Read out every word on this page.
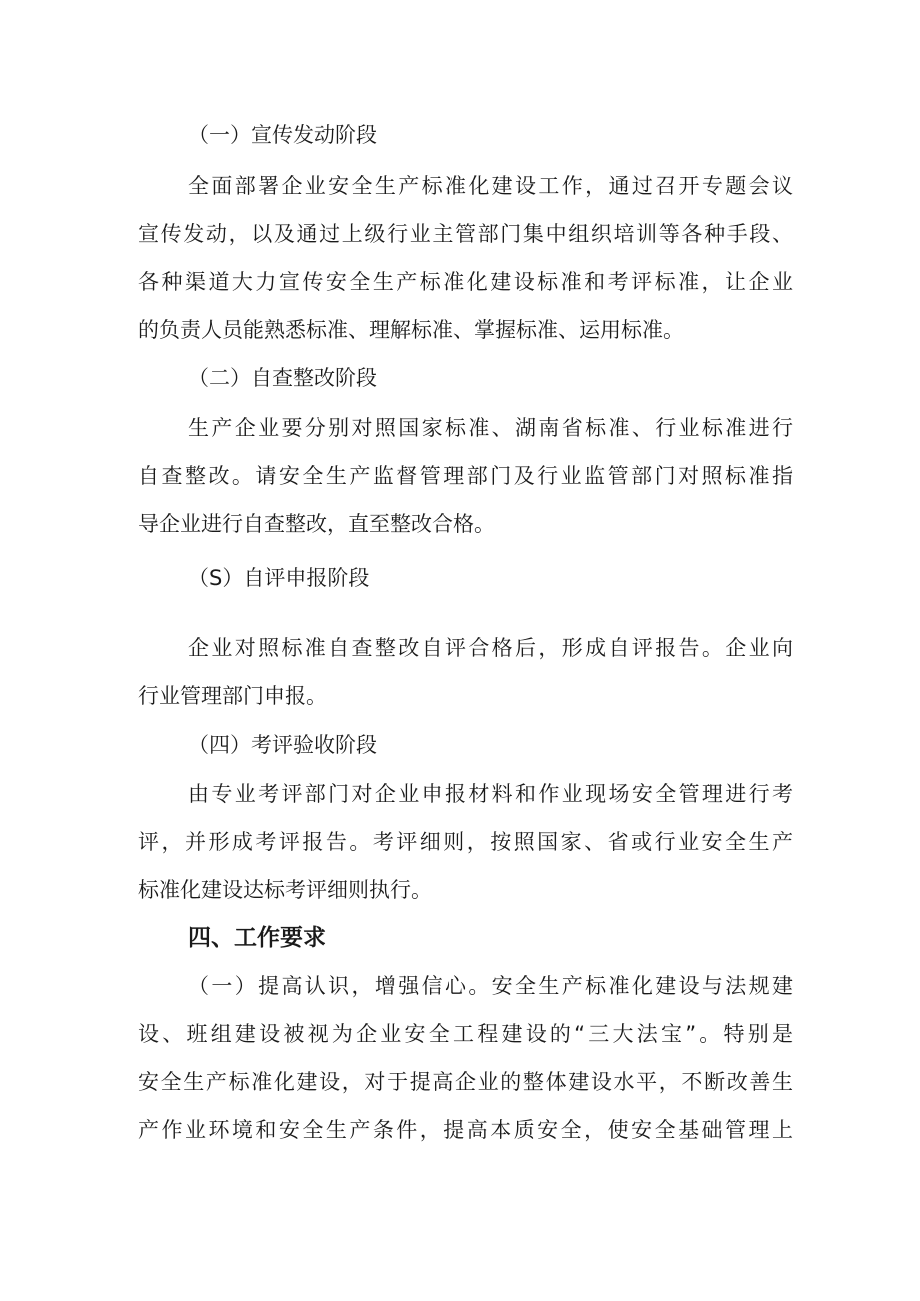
（一）宣传发动阶段
全面部署企业安全生产标准化建设工作，通过召开专题会议
宣传发动，以及通过上级行业主管部门集中组织培训等各种手段、
各种渠道大力宣传安全生产标准化建设标准和考评标准，让企业
的负责人员能熟悉标准、理解标准、掌握标准、运用标准。
（二）自查整改阶段
生产企业要分别对照国家标准、湖南省标准、行业标准进行
自查整改。请安全生产监督管理部门及行业监管部门对照标准指
导企业进行自查整改，直至整改合格。
（S）自评申报阶段
企业对照标准自查整改自评合格后，形成自评报告。企业向
行业管理部门申报。
（四）考评验收阶段
由专业考评部门对企业申报材料和作业现场安全管理进行考
评，并形成考评报告。考评细则，按照国家、省或行业安全生产
标准化建设达标考评细则执行。
四、工作要求
（一）提高认识，增强信心。安全生产标准化建设与法规建
设、班组建设被视为企业安全工程建设的“三大法宝”。特别是
安全生产标准化建设，对于提高企业的整体建设水平，不断改善生
产作业环境和安全生产条件，提高本质安全，使安全基础管理上
